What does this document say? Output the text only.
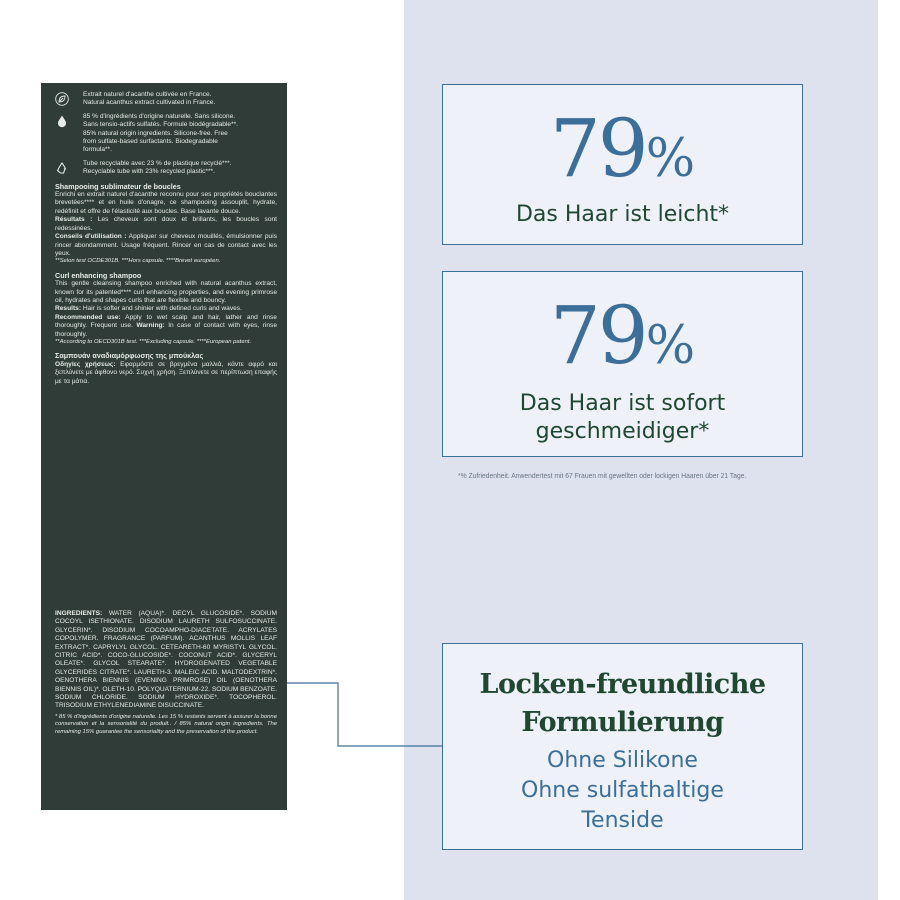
Extrait naturel d'acanthe cultivée en France.
Natural acanthus extract cultivated in France.
85 % d'ingrédients d'origine naturelle. Sans silicone.
Sans tensio-actifs sulfatés. Formule biodégradable**.
85% natural origin ingredients. Silicone-free. Free
from sulfate-based surfactants. Biodegradable
formula**.
Tube recyclable avec 23 % de plastique recyclé***.
Recyclable tube with 23% recycled plastic***.
Shampooing sublimateur de boucles
Enrichi en extrait naturel d'acanthe reconnu pour ses propriétés bouclantes brevetées**** et en huile d'onagre, ce shampooing assouplit, hydrate, redéfinit et offre de l'élasticité aux boucles. Base lavante douce.
Résultats : Les cheveux sont doux et brillants, les boucles sont redessinées.
Conseils d'utilisation : Appliquer sur cheveux mouillés, émulsionner puis rincer abondamment. Usage fréquent. Rincer en cas de contact avec les yeux.
**Selon test OCDE301B. ***Hors capsule. ****Brevet européen.
Curl enhancing shampoo
This gentle cleansing shampoo enriched with natural acanthus extract, known for its patented**** curl enhancing properties, and evening primrose oil, hydrates and shapes curls that are flexible and bouncy.
Results: Hair is softer and shinier with defined curls and waves.
Recommended use: Apply to wet scalp and hair, lather and rinse thoroughly. Frequent use. Warning: In case of contact with eyes, rinse thoroughly.
**According to OECD301B test. ***Excluding capsule. ****European patent.
Σαμπουάν αναδιαμόρφωσης της μπούκλας
Οδηγίες χρήσεως: Εφαρμόστε σε βρεγμένα μαλλιά, κάντε αφρό και ξεπλύνετε με άφθονο νερό. Συχνή χρήση. Ξεπλύνετε σε περίπτωση επαφής με τα μάτια.
INGREDIENTS: WATER (AQUA)*. DECYL GLUCOSIDE*. SODIUM COCOYL ISETHIONATE. DISODIUM LAURETH SULFOSUCCINATE. GLYCERIN*. DISODIUM COCOAMPHO-DIACETATE. ACRYLATES COPOLYMER. FRAGRANCE (PARFUM). ACANTHUS MOLLIS LEAF EXTRACT*. CAPRYLYL GLYCOL. CETEARETH-60 MYRISTYL GLYCOL. CITRIC ACID*. COCO-GLUCOSIDE*. COCONUT ACID*. GLYCERYL OLEATE*. GLYCOL STEARATE*. HYDROGENATED VEGETABLE GLYCERIDES CITRATE*. LAURETH-3. MALEIC ACID. MALTODEXTRIN*. OENOTHERA BIENNIS (EVENING PRIMROSE) OIL (OENOTHERA BIENNIS OIL)*. OLETH-10. POLYQUATERNIUM-22. SODIUM BENZOATE. SODIUM CHLORIDE. SODIUM HYDROXIDE*. TOCOPHEROL. TRISODIUM ETHYLENEDIAMINE DISUCCINATE.
* 85 % d'ingrédients d'origine naturelle. Les 15 % restants servent à assurer la bonne conservation et la sensorialité du produit.. / 85% natural origin ingredients. The remaining 15% guarantee the sensoriality and the preservation of the product.
79%
Das Haar ist leicht*
79%
Das Haar ist sofort
geschmeidiger*
*% Zufriedenheit. Anwendertest mit 67 Frauen mit gewellten oder lockigen Haaren über 21 Tage.
Locken-freundliche
Formulierung
Ohne Silikone
Ohne sulfathaltige
Tenside
